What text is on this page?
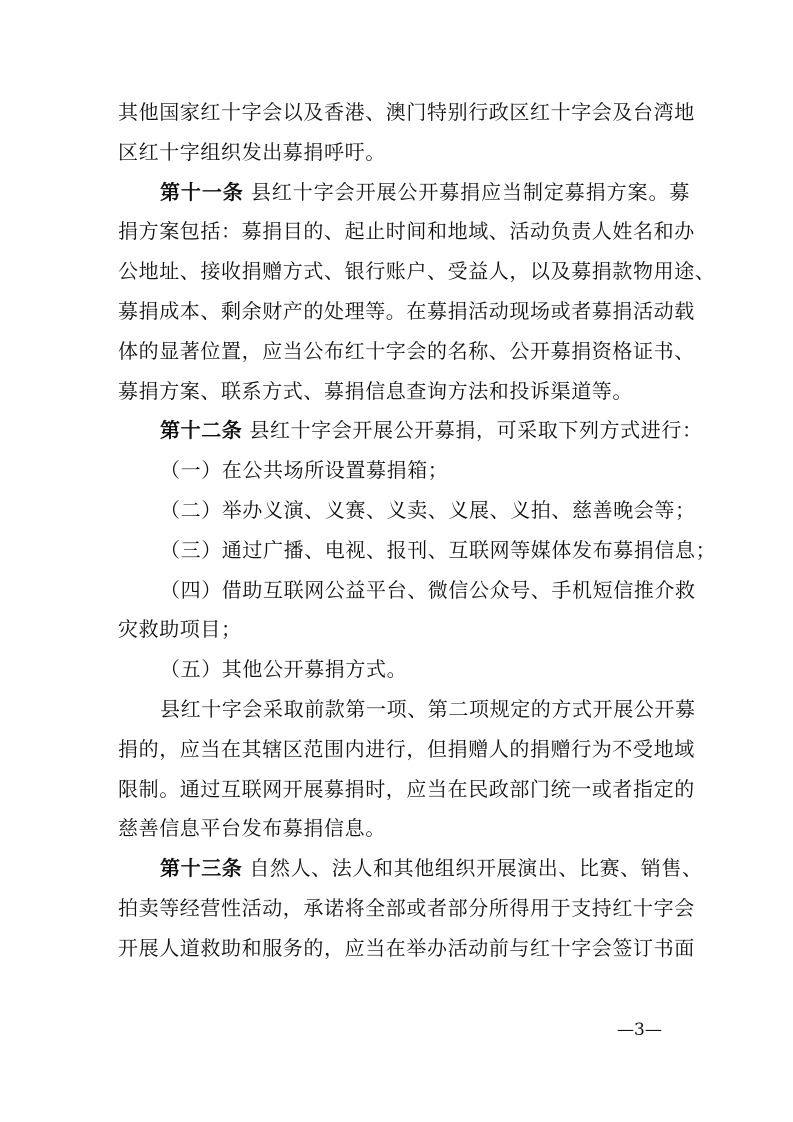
其他国家红十字会以及香港、澳门特别行政区红十字会及台湾地
区红十字组织发出募捐呼吁。
第十一条 县红十字会开展公开募捐应当制定募捐方案。募
捐方案包括：募捐目的、起止时间和地域、活动负责人姓名和办
公地址、接收捐赠方式、银行账户、受益人，以及募捐款物用途、
募捐成本、剩余财产的处理等。在募捐活动现场或者募捐活动载
体的显著位置，应当公布红十字会的名称、公开募捐资格证书、
募捐方案、联系方式、募捐信息查询方法和投诉渠道等。
第十二条 县红十字会开展公开募捐，可采取下列方式进行：
（一）在公共场所设置募捐箱；
（二）举办义演、义赛、义卖、义展、义拍、慈善晚会等；
（三）通过广播、电视、报刊、互联网等媒体发布募捐信息；
（四）借助互联网公益平台、微信公众号、手机短信推介救
灾救助项目；
（五）其他公开募捐方式。
县红十字会采取前款第一项、第二项规定的方式开展公开募
捐的，应当在其辖区范围内进行，但捐赠人的捐赠行为不受地域
限制。通过互联网开展募捐时，应当在民政部门统一或者指定的
慈善信息平台发布募捐信息。
第十三条 自然人、法人和其他组织开展演出、比赛、销售、
拍卖等经营性活动，承诺将全部或者部分所得用于支持红十字会
开展人道救助和服务的，应当在举办活动前与红十字会签订书面
—3—
